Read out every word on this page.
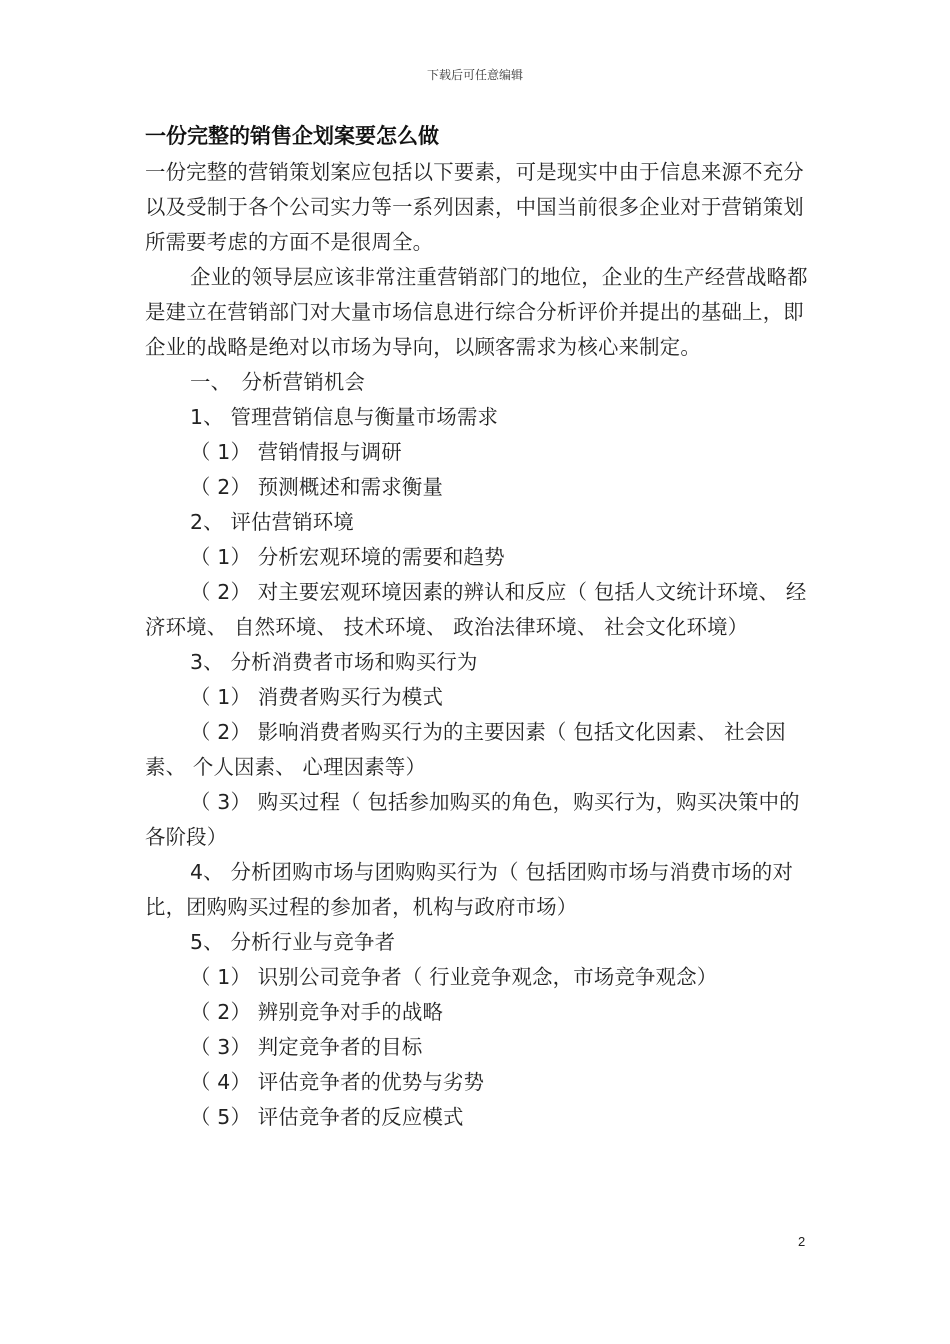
下载后可任意编辑
一份完整的销售企划案要怎么做

一份完整的营销策划案应包括以下要素，可是现实中由于信息来源不充分以及受制于各个公司实力等一系列因素，中国当前很多企业对于营销策划所需要考虑的方面不是很周全。

企业的领导层应该非常注重营销部门的地位，企业的生产经营战略都是建立在营销部门对大量市场信息进行综合分析评价并提出的基础上，即企业的战略是绝对以市场为导向，以顾客需求为核心来制定。

一、　分析营销机会

1、 管理营销信息与衡量市场需求

（ 1） 营销情报与调研

（ 2） 预测概述和需求衡量

2、 评估营销环境

（ 1） 分析宏观环境的需要和趋势

（ 2） 对主要宏观环境因素的辨认和反应（ 包括人文统计环境、 经济环境、 自然环境、 技术环境、 政治法律环境、 社会文化环境）

3、 分析消费者市场和购买行为

（ 1） 消费者购买行为模式

（ 2） 影响消费者购买行为的主要因素（ 包括文化因素、 社会因素、 个人因素、 心理因素等）

（ 3） 购买过程（ 包括参加购买的角色，购买行为，购买决策中的各阶段）

4、 分析团购市场与团购购买行为（ 包括团购市场与消费市场的对比，团购购买过程的参加者，机构与政府市场）

5、 分析行业与竞争者

（ 1） 识别公司竞争者（ 行业竞争观念，市场竞争观念）

（ 2） 辨别竞争对手的战略

（ 3） 判定竞争者的目标

（ 4） 评估竞争者的优势与劣势

（ 5） 评估竞争者的反应模式

2
